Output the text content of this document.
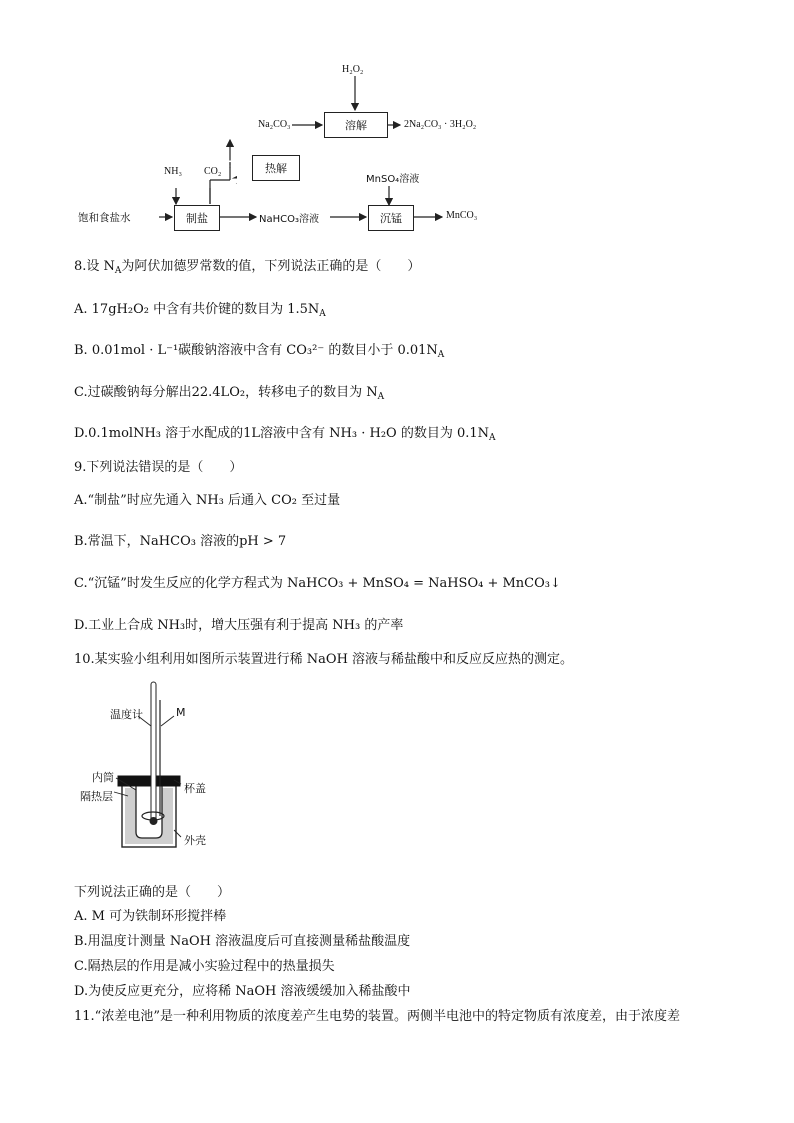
H₂O₂
Na₂CO₃	溶解	2Na₂CO₃ · 3H₂O₂
热解
NH₃ CO₂
MnSO₄溶液
饱和食盐水	制盐	NaHCO₃溶液	沉锰	MnCO₃
8.设 $N_A$为阿伏加德罗常数的值，下列说法正确的是（　　）
A. 17gH₂O₂ 中含有共价键的数目为 $1.5N_A$
B. 0.01mol · L⁻¹碳酸钠溶液中含有 CO₃²⁻ 的数目小于 $0.01N_A$
C.过碳酸钠每分解出22.4LO₂，转移电子的数目为 $N_A$
D.0.1molNH₃ 溶于水配成的1L溶液中含有 NH₃ · H₂O 的数目为 $0.1N_A$
9.下列说法错误的是（　　）
A.“制盐”时应先通入 NH₃ 后通入 CO₂ 至过量
B.常温下，NaHCO₃ 溶液的pH > 7
C.“沉锰”时发生反应的化学方程式为 NaHCO₃ + MnSO₄ = NaHSO₄ + MnCO₃↓
D.工业上合成 NH₃时，增大压强有利于提高 NH₃ 的产率
10.某实验小组利用如图所示装置进行稀 NaOH 溶液与稀盐酸中和反应反应热的测定。
温度计	M
内筒
杯盖
隔热层
外壳
下列说法正确的是（　　）
A. M 可为铁制环形搅拌棒
B.用温度计测量 NaOH 溶液温度后可直接测量稀盐酸温度
C.隔热层的作用是减小实验过程中的热量损失
D.为使反应更充分，应将稀 NaOH 溶液缓缓加入稀盐酸中
11.“浓差电池”是一种利用物质的浓度差产生电势的装置。两侧半电池中的特定物质有浓度差，由于浓度差
